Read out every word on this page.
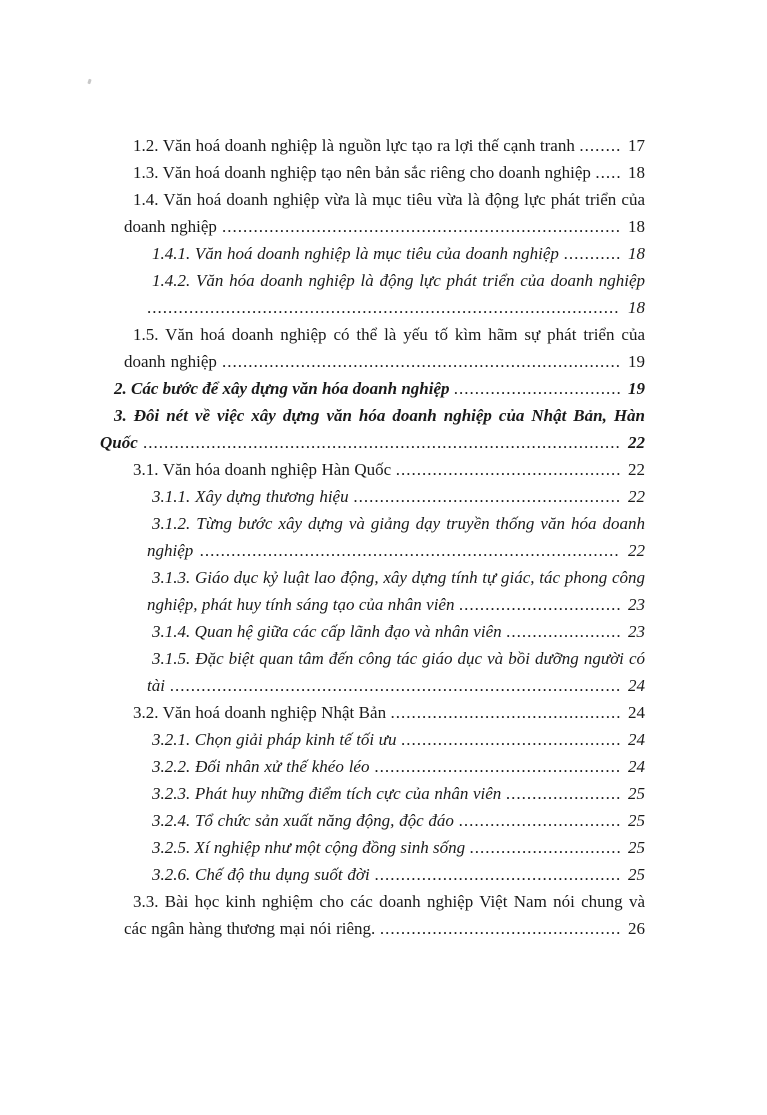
1.2. Văn hoá doanh nghiệp là nguồn lực tạo ra lợi thế cạnh tranh ........ 17
1.3. Văn hoá doanh nghiệp tạo nên bản sắc riêng cho doanh nghiệp ..... 18
1.4. Văn hoá doanh nghiệp vừa là mục tiêu vừa là động lực phát triển của doanh nghiệp ............................................................................ 18
1.4.1. Văn hoá doanh nghiệp là mục tiêu của doanh nghiệp ........... 18
1.4.2. Văn hóa doanh nghiệp là động lực phát triển của doanh nghiệp .......................................................................................... 18
1.5. Văn hoá doanh nghiệp có thể là yếu tố kìm hãm sự phát triển của doanh nghiệp ............................................................................ 19
2. Các bước để xây dựng văn hóa doanh nghiệp ................................ 19
3. Đôi nét về việc xây dựng văn hóa doanh nghiệp của Nhật Bản, Hàn Quốc ........................................................................................... 22
3.1. Văn hóa doanh nghiệp Hàn Quốc ........................................... 22
3.1.1. Xây dựng thương hiệu ................................................... 22
3.1.2. Từng bước xây dựng và giảng dạy truyền thống văn hóa doanh nghiệp ................................................................................ 22
3.1.3. Giáo dục kỷ luật lao động, xây dựng tính tự giác, tác phong công nghiệp, phát huy tính sáng tạo của nhân viên ............................... 23
3.1.4. Quan hệ giữa các cấp lãnh đạo và nhân viên ...................... 23
3.1.5. Đặc biệt quan tâm đến công tác giáo dục và bồi dưỡng người có tài ...................................................................................... 24
3.2. Văn hoá doanh nghiệp Nhật Bản ............................................ 24
3.2.1. Chọn giải pháp kinh tế tối ưu .......................................... 24
3.2.2. Đối nhân xử thế khéo léo ............................................... 24
3.2.3. Phát huy những điểm tích cực của nhân viên ...................... 25
3.2.4. Tổ chức sản xuất năng động, độc đáo ............................... 25
3.2.5. Xí nghiệp như một cộng đồng sinh sống ............................. 25
3.2.6. Chế độ thu dụng suốt đời ............................................... 25
3.3. Bài học kinh nghiệm cho các doanh nghiệp Việt Nam nói chung và các ngân hàng thương mại nói riêng. .............................................. 26
